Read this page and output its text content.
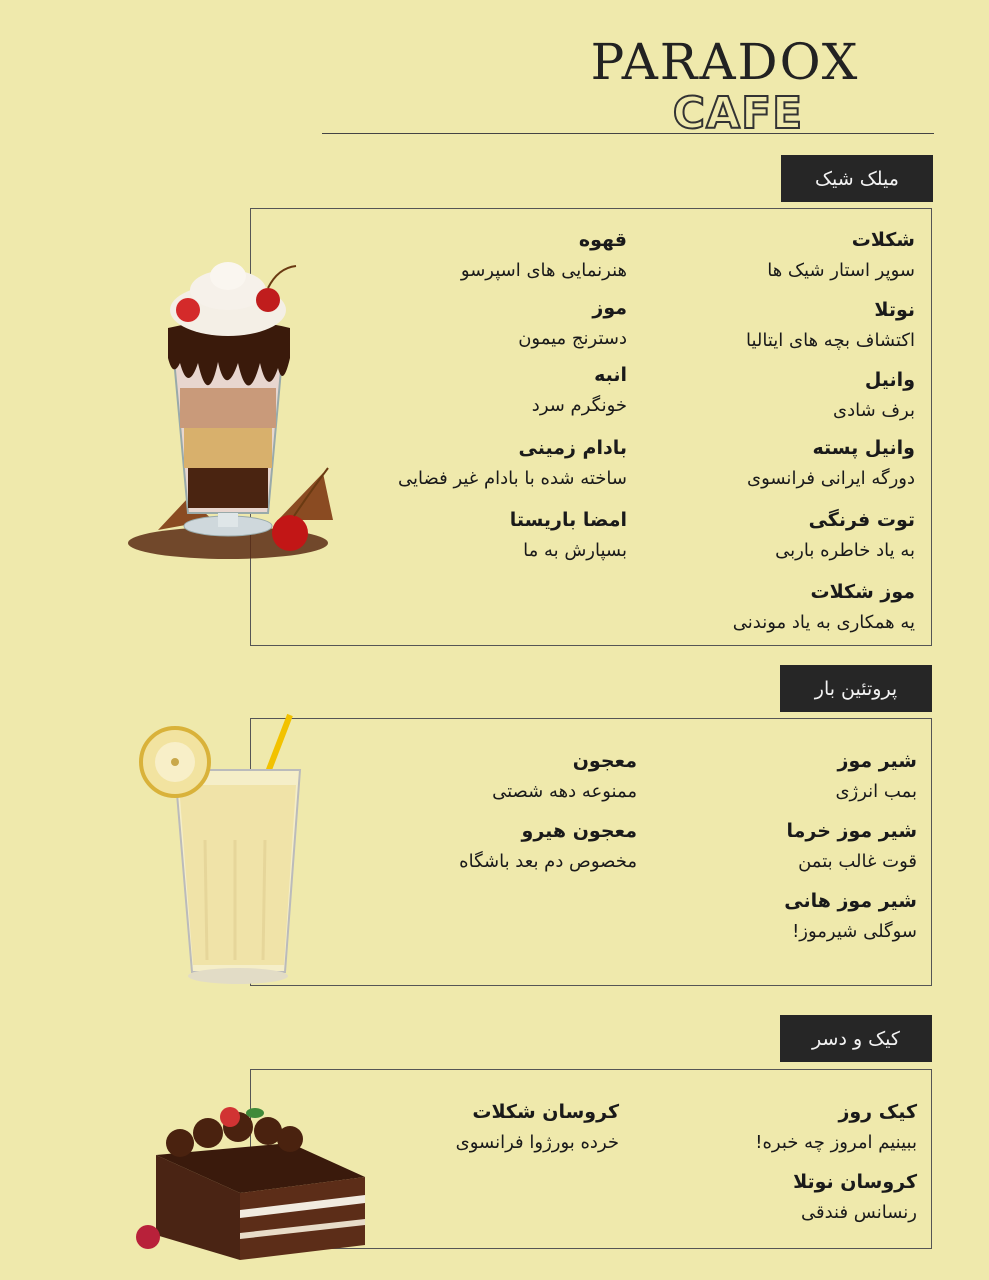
PARADOX
CAFE
میلک شیک
شکلات
سوپر استار شیک ها
نوتلا
اکتشاف بچه های ایتالیا
وانیل
برف شادی
وانیل پسته
دورگه ایرانی فرانسوی
توت فرنگی
به یاد خاطره باربی
موز شکلات
یه همکاری به یاد موندنی
قهوه
هنرنمایی های اسپرسو
موز
دسترنج میمون
انبه
خونگرم سرد
بادام زمینی
ساخته شده با بادام غیر فضایی
امضا باریستا
بسپارش به ما
پروتئین بار
شیر موز
بمب انرژی
شیر موز خرما
قوت غالب بتمن
شیر موز هانی
سوگلی شیرموز!
معجون
ممنوعه دهه شصتی
معجون هیرو
مخصوص دم بعد باشگاه
کیک و دسر
کیک روز
ببینیم امروز چه خبره!
کروسان نوتلا
رنسانس فندقی
کروسان شکلات
خرده بورژوا فرانسوی
